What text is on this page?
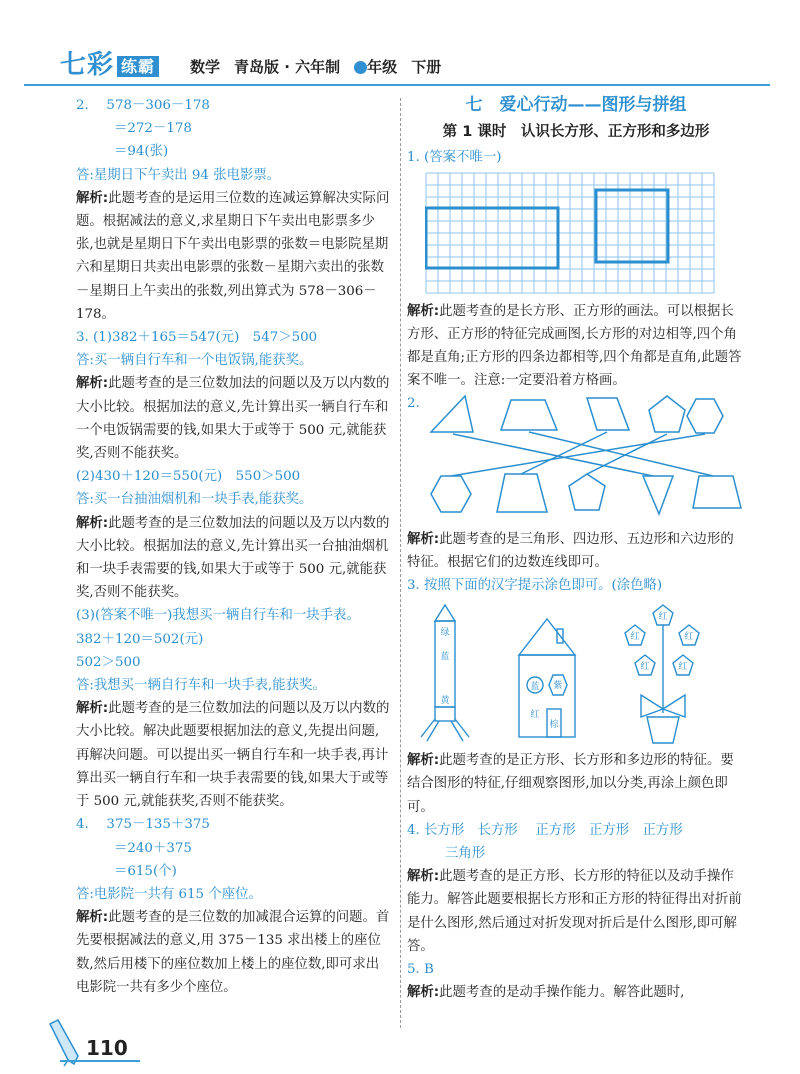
七彩 练霸 数学 青岛版 · 六年制	年级 下册

2.　 578－306－178

＝272－178

＝94(张)

答:星期日下午卖出 94 张电影票。

解析:此题考查的是运用三位数的连减运算解决实际问题。根据减法的意义,求星期日下午卖出电影票多少张,也就是星期日下午卖出电影票的张数＝电影院星期六和星期日共卖出电影票的张数－星期六卖出的张数－星期日上午卖出的张数,列出算式为 578－306－178。

3. (1)382＋165＝547(元)　547＞500

答:买一辆自行车和一个电饭锅,能获奖。

解析:此题考查的是三位数加法的问题以及万以内数的大小比较。根据加法的意义,先计算出买一辆自行车和一个电饭锅需要的钱,如果大于或等于 500 元,就能获奖,否则不能获奖。

(2)430＋120＝550(元)　550＞500

答:买一台抽油烟机和一块手表,能获奖。

解析:此题考查的是三位数加法的问题以及万以内数的大小比较。根据加法的意义,先计算出买一台抽油烟机和一块手表需要的钱,如果大于或等于 500 元,就能获奖,否则不能获奖。

(3)(答案不唯一)我想买一辆自行车和一块手表。

382＋120＝502(元)

502＞500

答:我想买一辆自行车和一块手表,能获奖。

解析:此题考查的是三位数加法的问题以及万以内数的大小比较。解决此题要根据加法的意义,先提出问题,再解决问题。可以提出买一辆自行车和一块手表,再计算出买一辆自行车和一块手表需要的钱,如果大于或等于 500 元,就能获奖,否则不能获奖。

4.　 375－135＋375

＝240＋375

＝615(个)

答:电影院一共有 615 个座位。

解析:此题考查的是三位数的加减混合运算的问题。首先要根据减法的意义,用 375－135 求出楼上的座位数,然后用楼下的座位数加上楼上的座位数,即可求出电影院一共有多少个座位。

七　爱心行动——图形与拼组

第 1 课时　认识长方形、正方形和多边形

1. (答案不唯一)

解析:此题考查的是长方形、正方形的画法。可以根据长方形、正方形的特征完成画图,长方形的对边相等,四个角都是直角;正方形的四条边都相等,四个角都是直角,此题答案不唯一。注意:一定要沿着方格画。

2.

解析:此题考查的是三角形、四边形、五边形和六边形的特征。根据它们的边数连线即可。

3. 按照下面的汉字提示涂色即可。(涂色略)

绿
蓝
黄
蓝 紫
红
棕
红
红	红
红	红

解析:此题考查的是正方形、长方形和多边形的特征。要结合图形的特征,仔细观察图形,加以分类,再涂上颜色即可。

4. 长方形　长方形　 正方形　正方形　正方形

三角形

解析:此题考查的是正方形、长方形的特征以及动手操作能力。解答此题要根据长方形和正方形的特征得出对折前是什么图形,然后通过对折发现对折后是什么图形,即可解答。

5. B

解析:此题考查的是动手操作能力。解答此题时,

110
